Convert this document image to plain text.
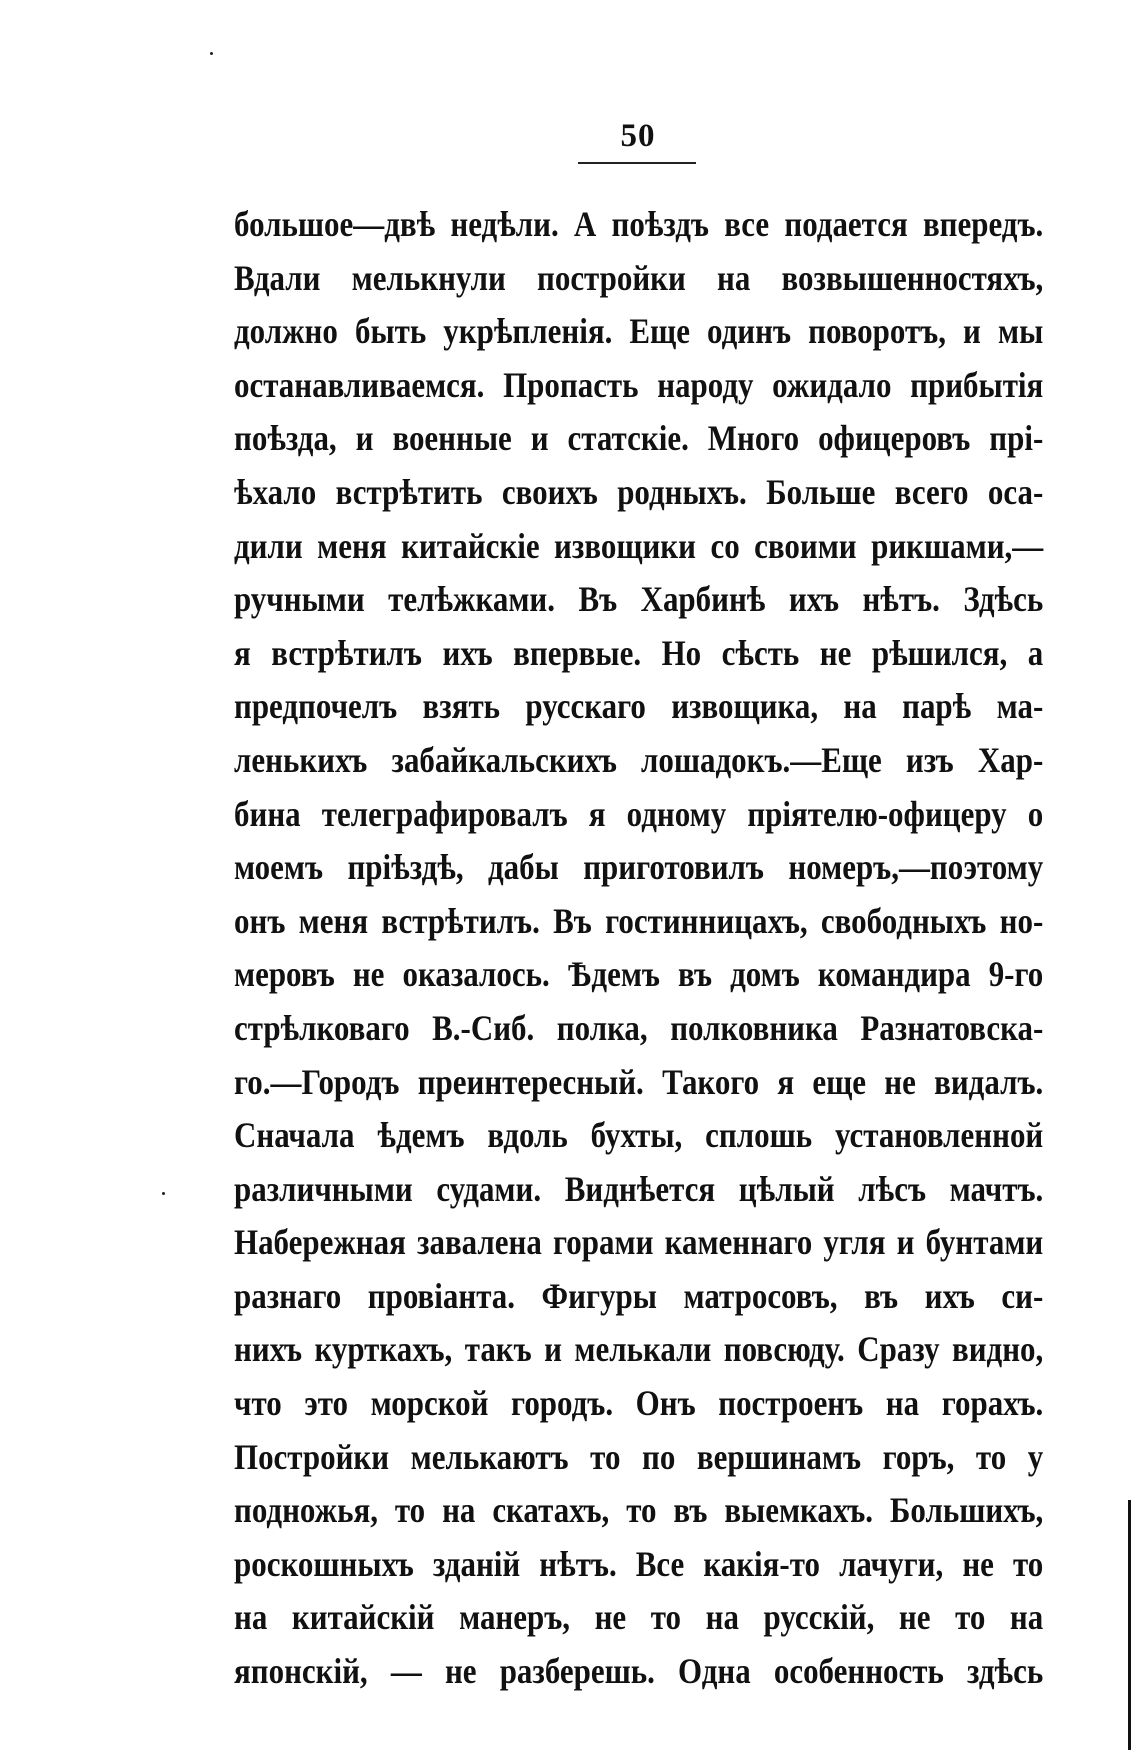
50
большое—двѣ недѣли. А поѣздъ все подается впередъ.
Вдали мелькнули постройки на возвышенностяхъ,
должно быть укрѣпленія. Еще одинъ поворотъ, и мы
останавливаемся. Пропасть народу ожидало прибытія
поѣзда, и военные и статскіе. Много офицеровъ прі-
ѣхало встрѣтить своихъ родныхъ. Больше всего оса-
дили меня китайскіе извощики со своими рикшами,—
ручными телѣжками. Въ Харбинѣ ихъ нѣтъ. Здѣсь
я встрѣтилъ ихъ впервые. Но сѣсть не рѣшился, а
предпочелъ взять русскаго извощика, на парѣ ма-
ленькихъ забайкальскихъ лошадокъ.—Еще изъ Хар-
бина телеграфировалъ я одному пріятелю-офицеру о
моемъ пріѣздѣ, дабы приготовилъ номеръ,—поэтому
онъ меня встрѣтилъ. Въ гостинницахъ, свободныхъ но-
меровъ не оказалось. Ѣдемъ въ домъ командира 9-го
стрѣлковаго В.-Сиб. полка, полковника Разнатовска-
го.—Городъ преинтересный. Такого я еще не видалъ.
Сначала ѣдемъ вдоль бухты, сплошь установленной
различными судами. Виднѣется цѣлый лѣсъ мачтъ.
Набережная завалена горами каменнаго угля и бунтами
разнаго провіанта. Фигуры матросовъ, въ ихъ си-
нихъ курткахъ, такъ и мелькали повсюду. Сразу видно,
что это морской городъ. Онъ построенъ на горахъ.
Постройки мелькаютъ то по вершинамъ горъ, то у
подножья, то на скатахъ, то въ выемкахъ. Большихъ,
роскошныхъ зданій нѣтъ. Все какія-то лачуги, не то
на китайскій манеръ, не то на русскій, не то на
японскій, — не разберешь. Одна особенность здѣсь
